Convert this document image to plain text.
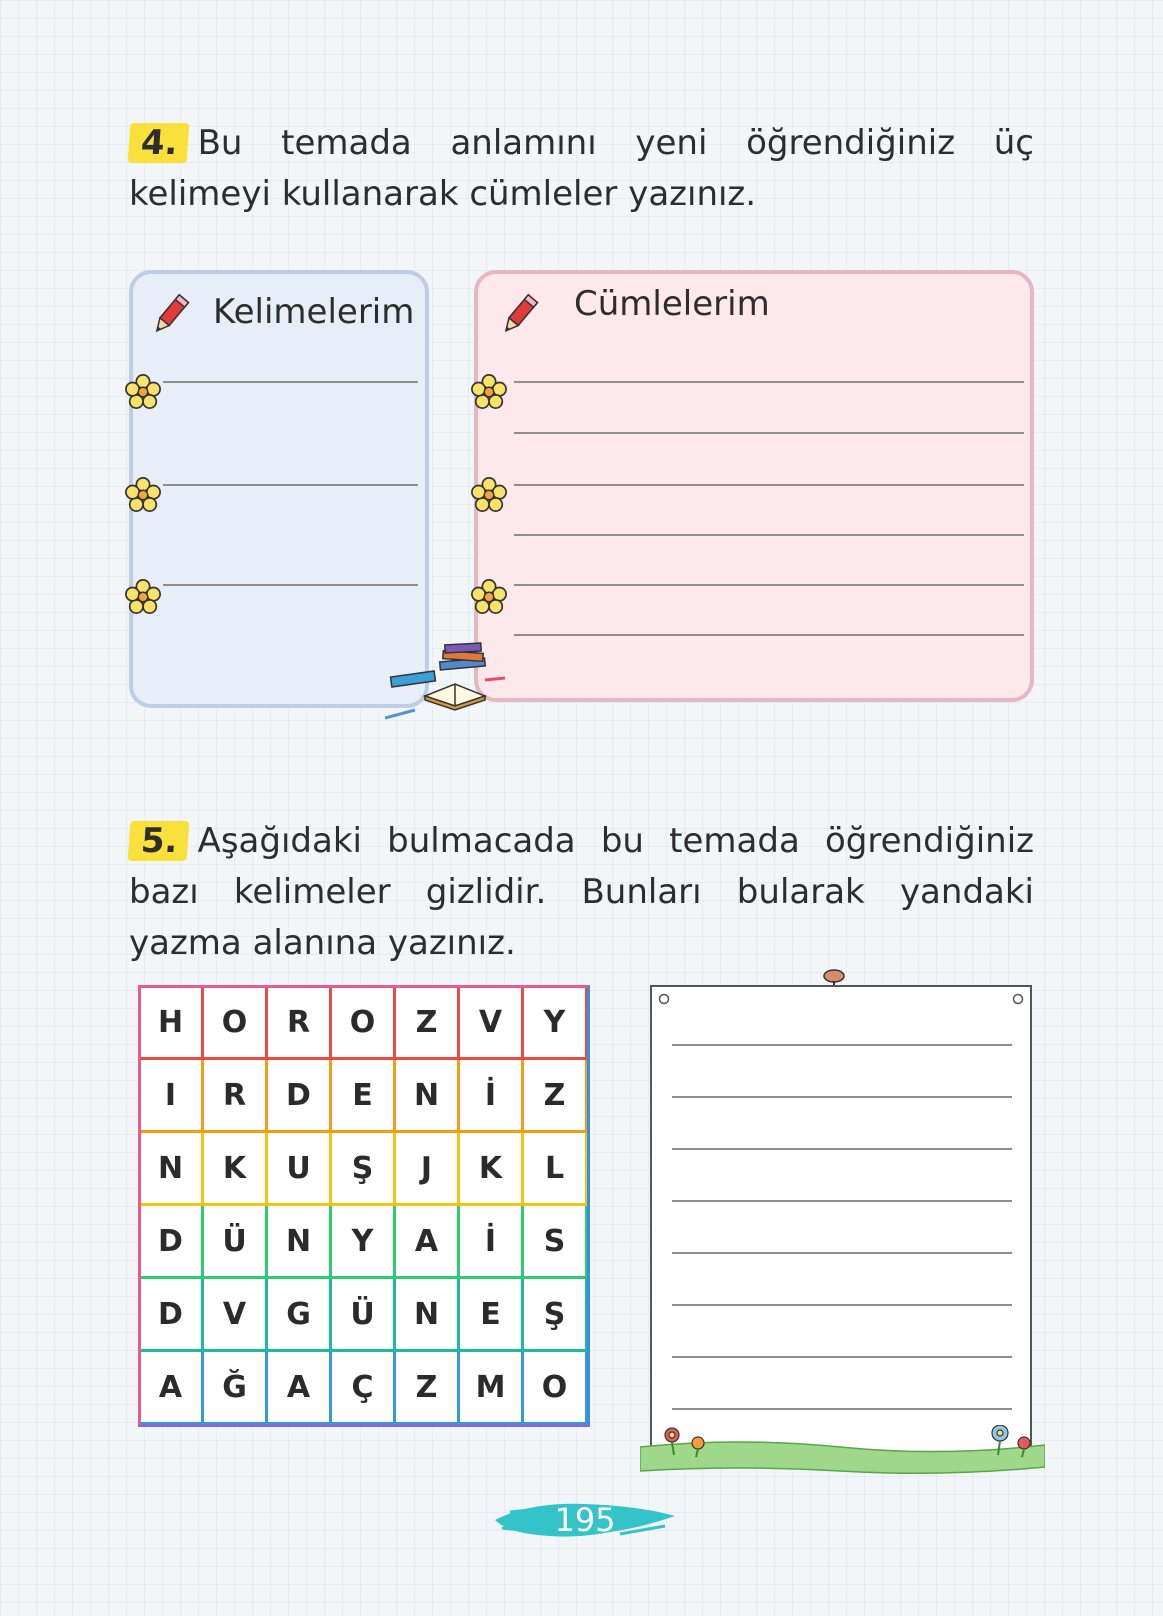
4. Bu temada anlamını yeni öğrendiğiniz üç kelimeyi kullanarak cümleler yazınız.
Kelimelerim	Cümlelerim
5. Aşağıdaki bulmacada bu temada öğrendiğiniz bazı kelimeler gizlidir. Bunları bularak yandaki yazma alanına yazınız.
H	O	R	O	Z	V	Y
I	R	D	E	N	İ	Z
N	K	U	Ş	J	K	L
D	Ü	N	Y	A	İ	S
D	V	G	Ü	N	E	Ş
A	Ğ	A	Ç	Z	M	O
195
